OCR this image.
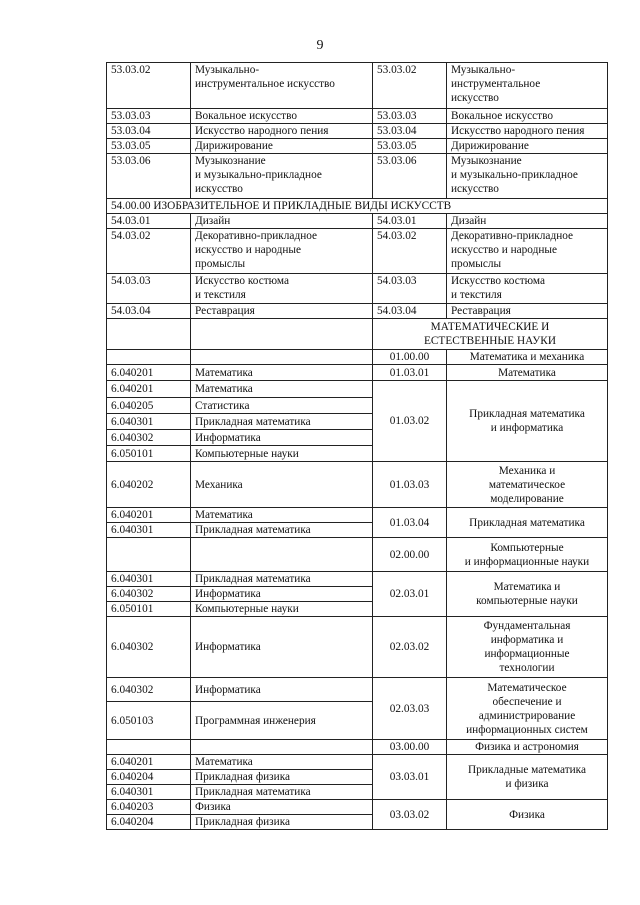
9
53.03.02	Музыкально-
инструментальное искусство	53.03.02	Музыкально-
инструментальное
искусство
53.03.03	Вокальное искусство	53.03.03	Вокальное искусство
53.03.04	Искусство народного пения	53.03.04	Искусство народного пения
53.03.05	Дирижирование	53.03.05	Дирижирование
53.03.06	Музыкознание
и музыкально-прикладное
искусство	53.03.06	Музыкознание
и музыкально-прикладное
искусство
54.00.00 ИЗОБРАЗИТЕЛЬНОЕ И ПРИКЛАДНЫЕ ВИДЫ ИСКУССТВ			
54.03.01	Дизайн	54.03.01	Дизайн
54.03.02	Декоративно-прикладное
искусство и народные
промыслы	54.03.02	Декоративно-прикладное
искусство и народные
промыслы
54.03.03	Искусство костюма
и текстиля	54.03.03	Искусство костюма
и текстиля
54.03.04	Реставрация	54.03.04	Реставрация
		МАТЕМАТИЧЕСКИЕ И
ЕСТЕСТВЕННЫЕ НАУКИ	
		01.00.00	Математика и механика
6.040201	Математика	01.03.01	Математика
6.040201	Математика	01.03.02	Прикладная математика
и информатика
6.040205	Статистика		
6.040301	Прикладная математика		
6.040302	Информатика		
6.050101	Компьютерные науки		
6.040202	Механика	01.03.03	Механика и
математическое
моделирование
6.040201	Математика	01.03.04	Прикладная математика
6.040301	Прикладная математика		
		02.00.00	Компьютерные
и информационные науки
6.040301	Прикладная математика	02.03.01	Математика и
компьютерные науки
6.040302	Информатика		
6.050101	Компьютерные науки		
6.040302	Информатика	02.03.02	Фундаментальная
информатика и
информационные
технологии
6.040302	Информатика	02.03.03	Математическое
обеспечение и
администрирование
информационных систем
6.050103	Программная инженерия		
		03.00.00	Физика и астрономия
6.040201	Математика	03.03.01	Прикладные математика
и физика
6.040204	Прикладная физика		
6.040301	Прикладная математика		
6.040203	Физика	03.03.02	Физика
6.040204	Прикладная физика		
